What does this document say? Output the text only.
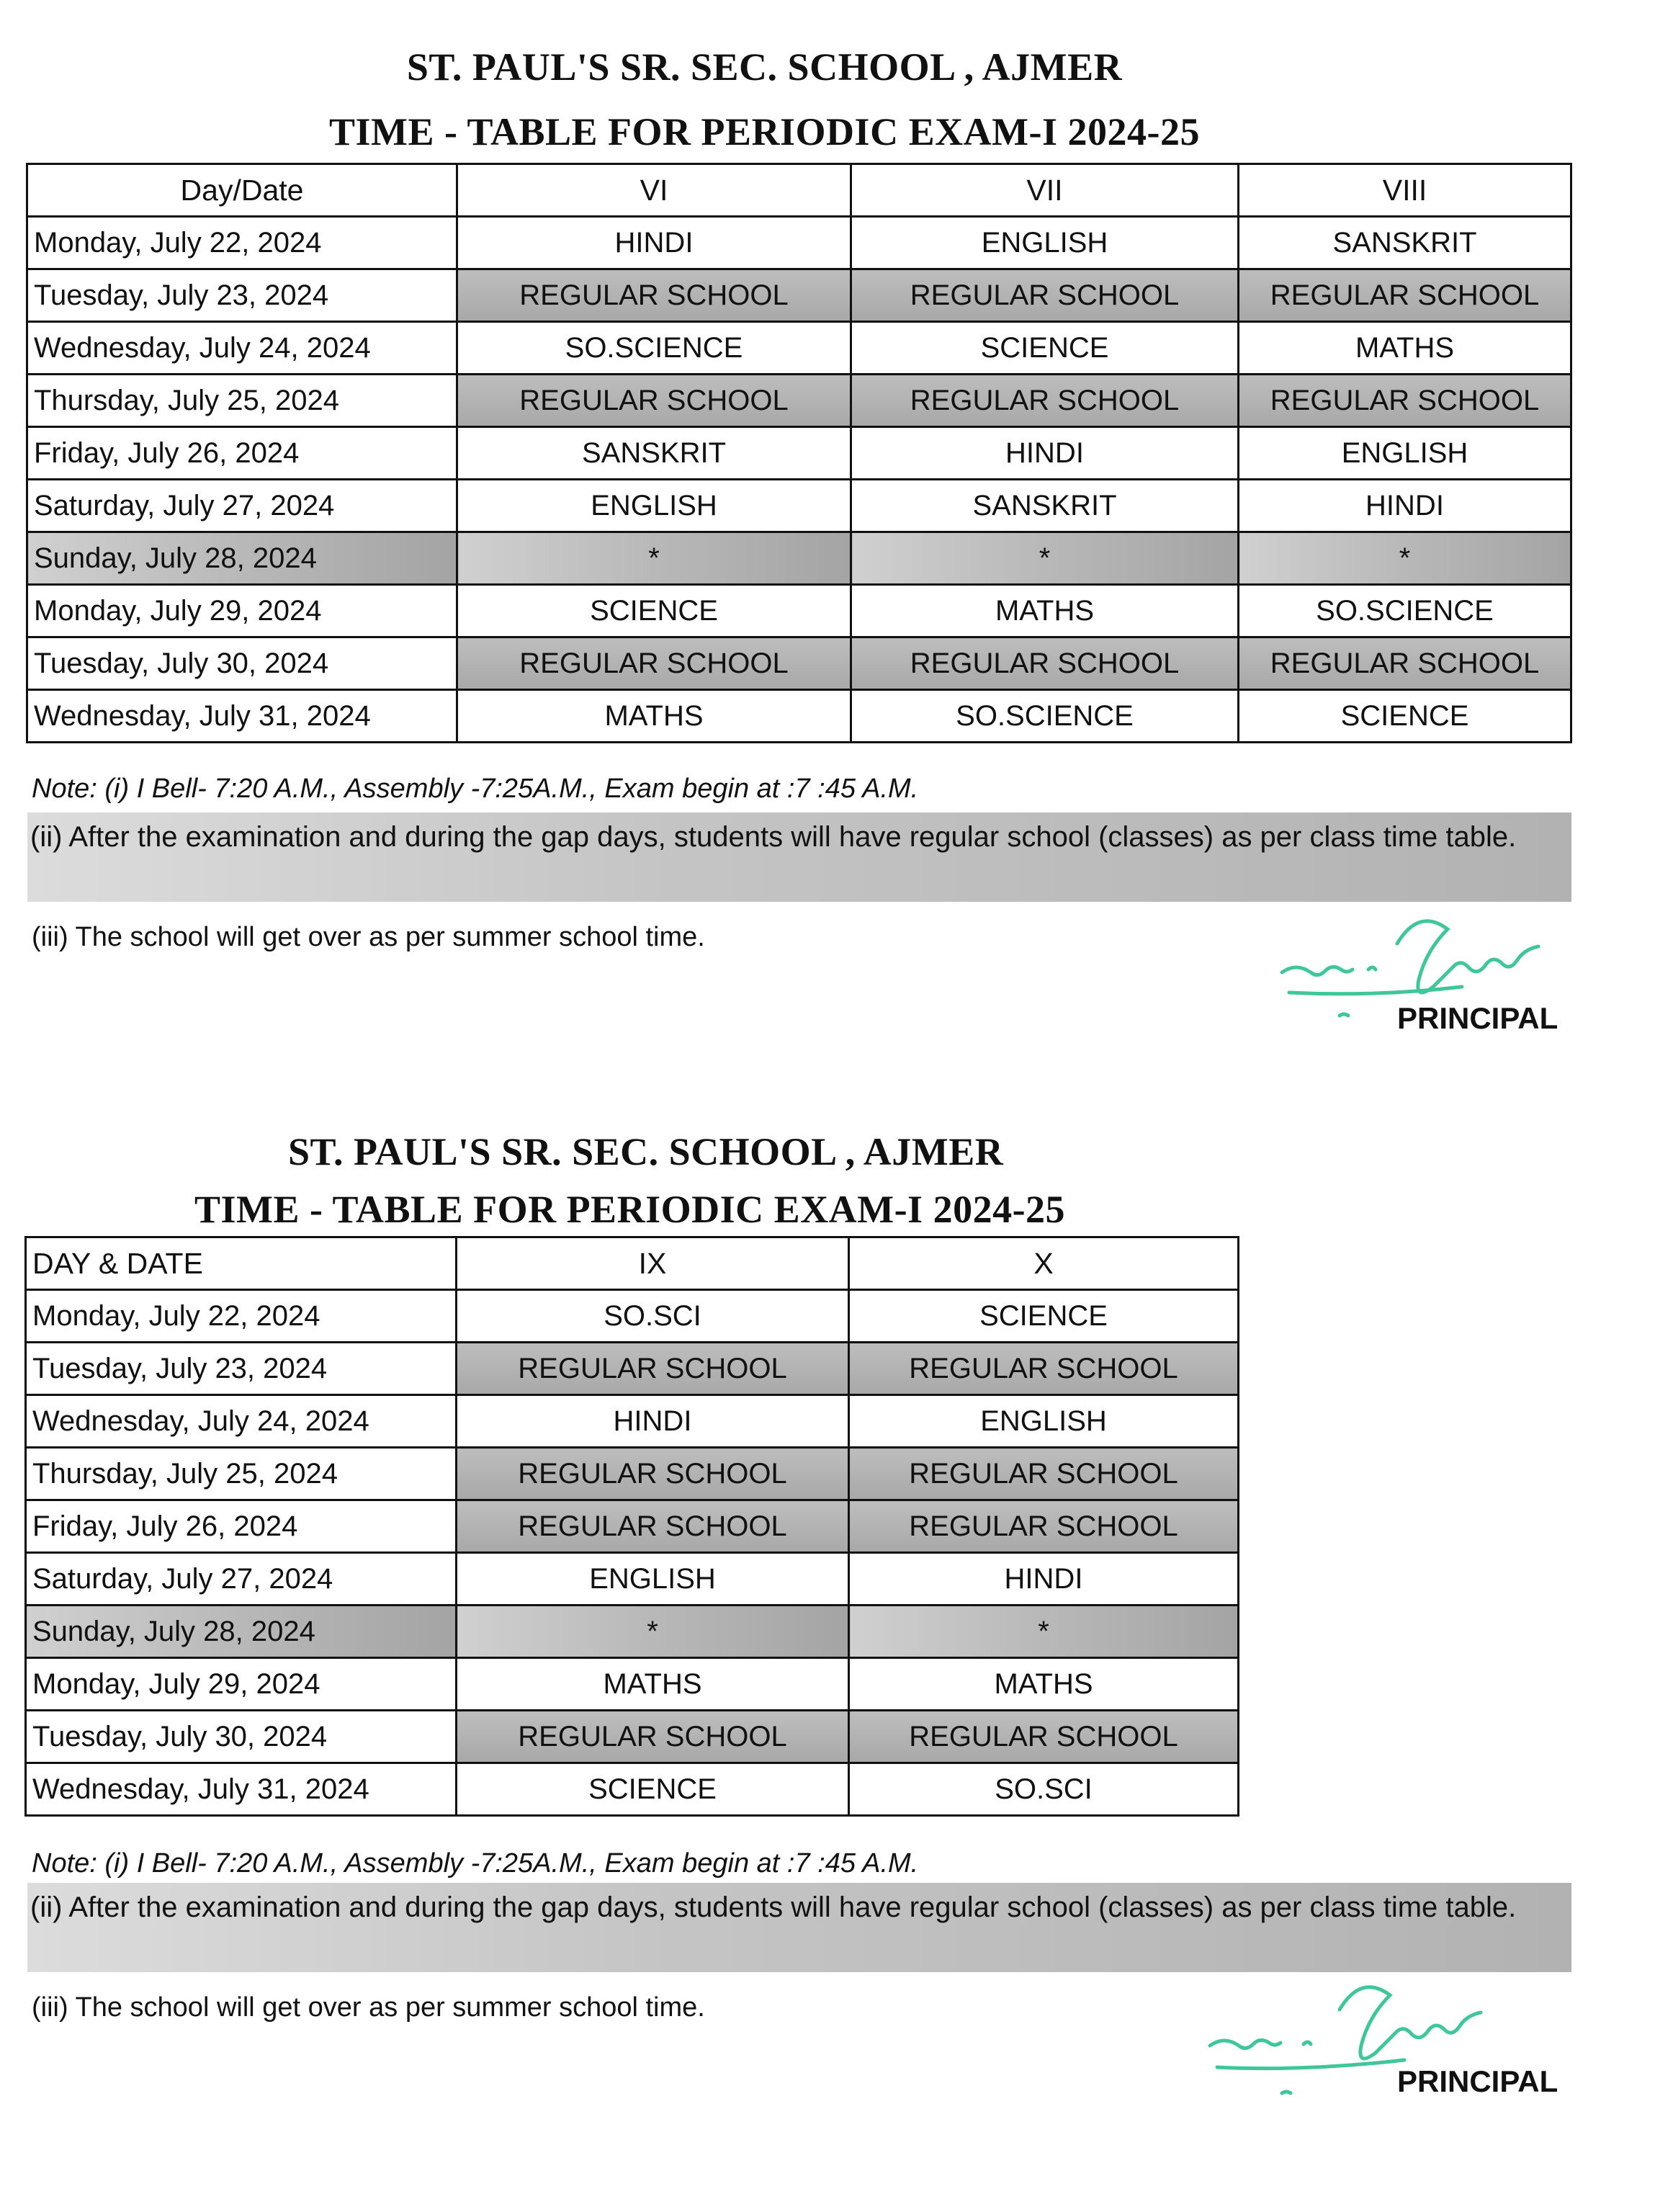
ST. PAUL'S SR. SEC. SCHOOL , AJMER
TIME - TABLE FOR PERIODIC EXAM-I 2024-25
Day/Date	VI	VII	VIII
Monday, July 22, 2024	HINDI	ENGLISH	SANSKRIT
Tuesday, July 23, 2024	REGULAR SCHOOL	REGULAR SCHOOL	REGULAR SCHOOL
Wednesday, July 24, 2024	SO.SCIENCE	SCIENCE	MATHS
Thursday, July 25, 2024	REGULAR SCHOOL	REGULAR SCHOOL	REGULAR SCHOOL
Friday, July 26, 2024	SANSKRIT	HINDI	ENGLISH
Saturday, July 27, 2024	ENGLISH	SANSKRIT	HINDI
Sunday, July 28, 2024	*	*	*
Monday, July 29, 2024	SCIENCE	MATHS	SO.SCIENCE
Tuesday, July 30, 2024	REGULAR SCHOOL	REGULAR SCHOOL	REGULAR SCHOOL
Wednesday, July 31, 2024	MATHS	SO.SCIENCE	SCIENCE
Note: (i) I Bell- 7:20 A.M., Assembly -7:25A.M., Exam begin at :7 :45 A.M.
(ii) After the examination and during the gap days, students will have regular school (classes) as per class time table.
(iii) The school will get over as per summer school time.
PRINCIPAL
ST. PAUL'S SR. SEC. SCHOOL , AJMER
TIME - TABLE FOR PERIODIC EXAM-I 2024-25
DAY & DATE	IX	X
Monday, July 22, 2024	SO.SCI	SCIENCE
Tuesday, July 23, 2024	REGULAR SCHOOL	REGULAR SCHOOL
Wednesday, July 24, 2024	HINDI	ENGLISH
Thursday, July 25, 2024	REGULAR SCHOOL	REGULAR SCHOOL
Friday, July 26, 2024	REGULAR SCHOOL	REGULAR SCHOOL
Saturday, July 27, 2024	ENGLISH	HINDI
Sunday, July 28, 2024	*	*
Monday, July 29, 2024	MATHS	MATHS
Tuesday, July 30, 2024	REGULAR SCHOOL	REGULAR SCHOOL
Wednesday, July 31, 2024	SCIENCE	SO.SCI
Note: (i) I Bell- 7:20 A.M., Assembly -7:25A.M., Exam begin at :7 :45 A.M.
(ii) After the examination and during the gap days, students will have regular school (classes) as per class time table.
(iii) The school will get over as per summer school time.
PRINCIPAL
